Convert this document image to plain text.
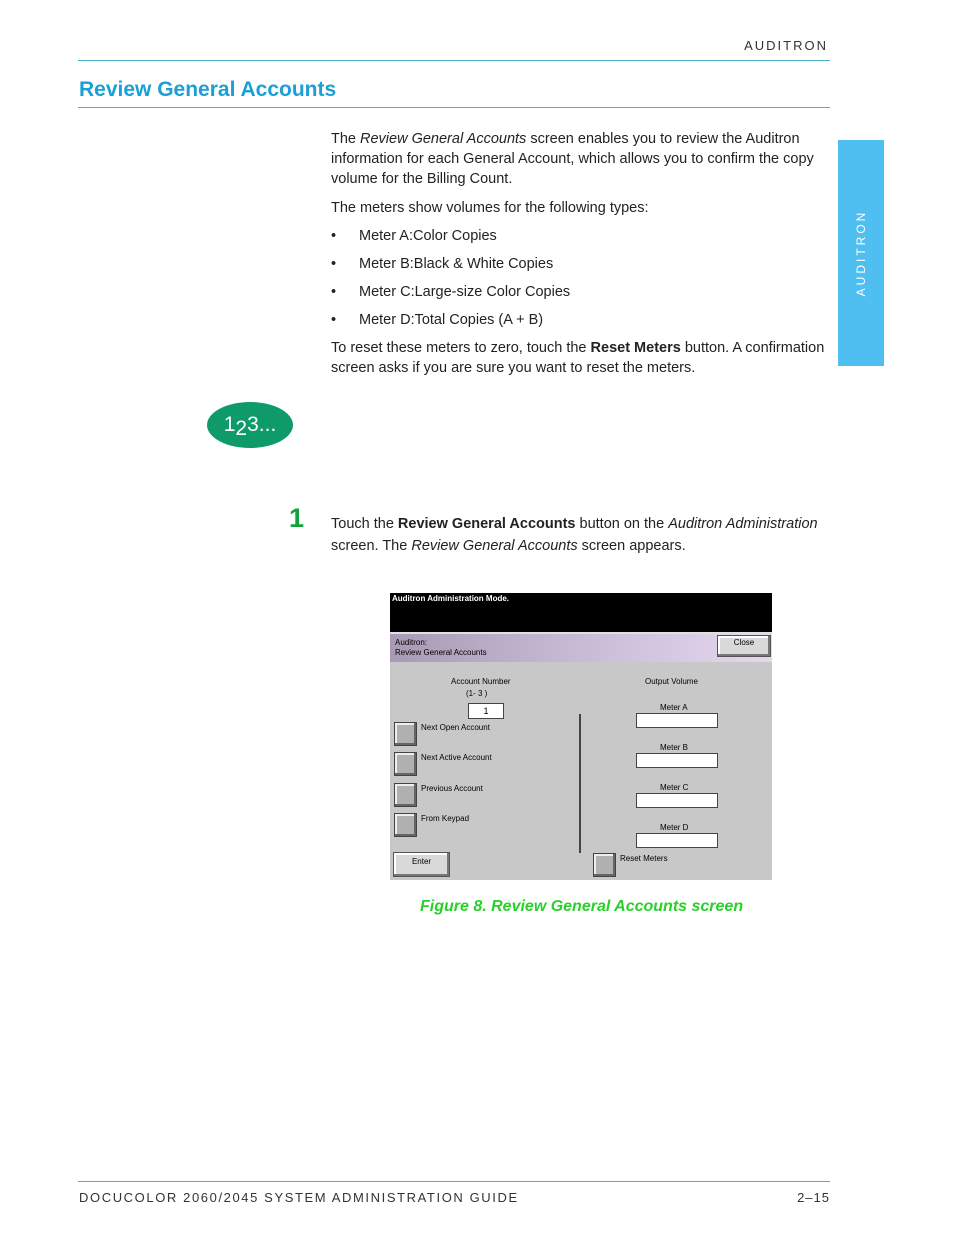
AUDITRON
Review General Accounts
AUDITRON
The Review General Accounts screen enables you to review the Auditron information for each General Account, which allows you to confirm the copy volume for the Billing Count.
The meters show volumes for the following types:
• Meter A:Color Copies
• Meter B:Black & White Copies
• Meter C:Large-size Color Copies
• Meter D:Total Copies (A + B)
To reset these meters to zero, touch the Reset Meters button. A confirmation screen asks if you are sure you want to reset the meters.
123...
1 Touch the Review General Accounts button on the Auditron Administration screen. The Review General Accounts screen appears.
Auditron Administration Mode.
Auditron:
Review General Accounts
Close
Account Number
(1- 3 )
1
Next Open Account
Next Active Account
Previous Account
From Keypad
Enter
Output Volume
Meter A
Meter B
Meter C
Meter D
Reset Meters
Figure 8. Review General Accounts screen
DOCUCOLOR 2060/2045 SYSTEM ADMINISTRATION GUIDE	2–15
